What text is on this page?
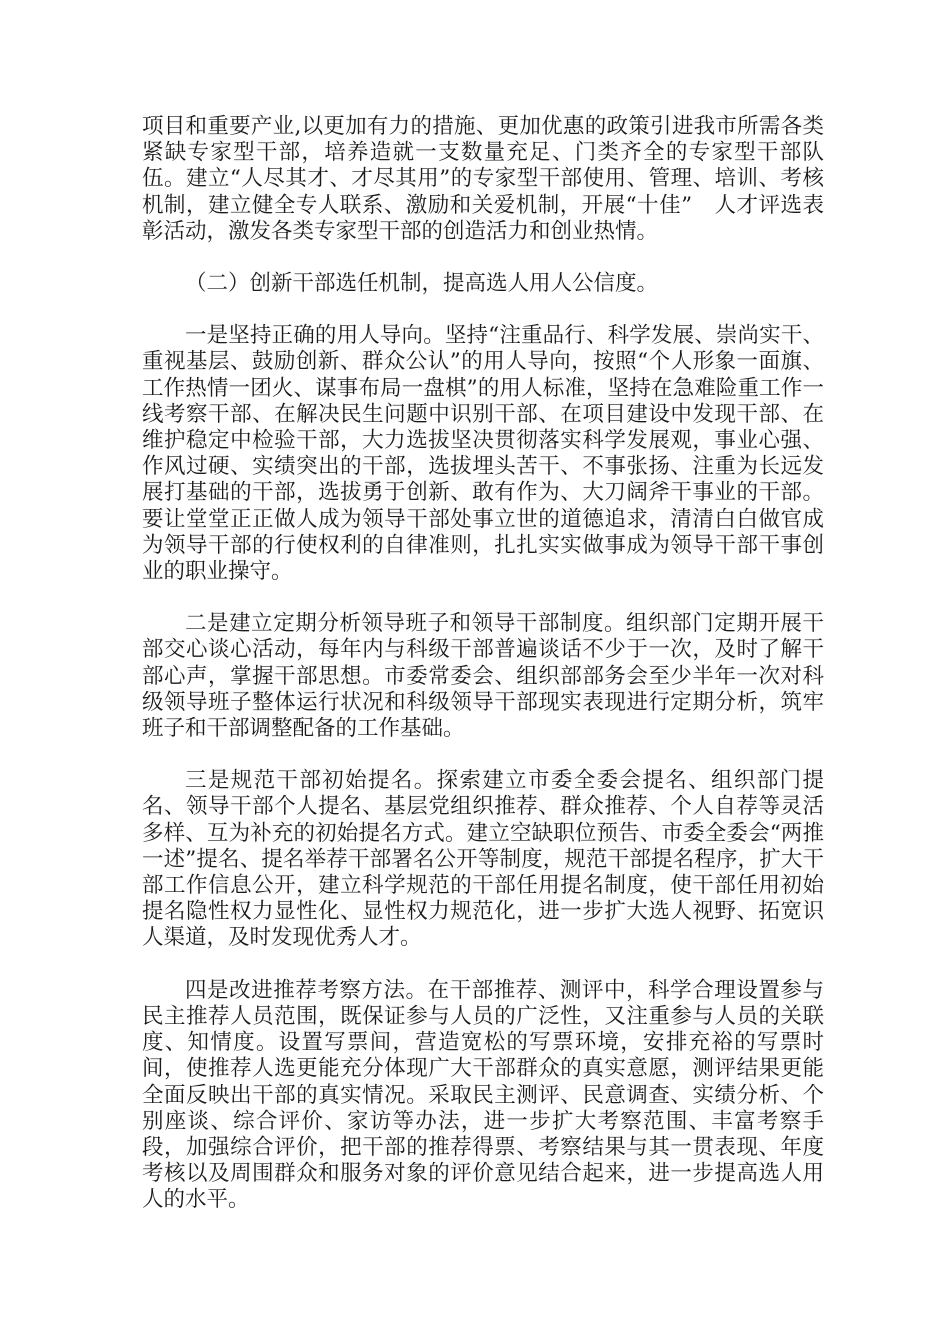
项目和重要产业,以更加有力的措施、更加优惠的政策引进我市所需各类紧缺专家型干部，培养造就一支数量充足、门类齐全的专家型干部队伍。建立“人尽其才、才尽其用”的专家型干部使用、管理、培训、考核机制，建立健全专人联系、激励和关爱机制，开展“十佳”　人才评选表彰活动，激发各类专家型干部的创造活力和创业热情。

（二）创新干部选任机制，提高选人用人公信度。

一是坚持正确的用人导向。坚持“注重品行、科学发展、崇尚实干、重视基层、鼓励创新、群众公认”的用人导向，按照“个人形象一面旗、工作热情一团火、谋事布局一盘棋”的用人标准，坚持在急难险重工作一线考察干部、在解决民生问题中识别干部、在项目建设中发现干部、在维护稳定中检验干部，大力选拔坚决贯彻落实科学发展观，事业心强、作风过硬、实绩突出的干部，选拔埋头苦干、不事张扬、注重为长远发展打基础的干部，选拔勇于创新、敢有作为、大刀阔斧干事业的干部。要让堂堂正正做人成为领导干部处事立世的道德追求，清清白白做官成为领导干部的行使权利的自律准则，扎扎实实做事成为领导干部干事创业的职业操守。

二是建立定期分析领导班子和领导干部制度。组织部门定期开展干部交心谈心活动，每年内与科级干部普遍谈话不少于一次，及时了解干部心声，掌握干部思想。市委常委会、组织部部务会至少半年一次对科级领导班子整体运行状况和科级领导干部现实表现进行定期分析，筑牢班子和干部调整配备的工作基础。

三是规范干部初始提名。探索建立市委全委会提名、组织部门提名、领导干部个人提名、基层党组织推荐、群众推荐、个人自荐等灵活多样、互为补充的初始提名方式。建立空缺职位预告、市委全委会“两推一述”提名、提名举荐干部署名公开等制度，规范干部提名程序，扩大干部工作信息公开，建立科学规范的干部任用提名制度，使干部任用初始提名隐性权力显性化、显性权力规范化，进一步扩大选人视野、拓宽识人渠道，及时发现优秀人才。

四是改进推荐考察方法。在干部推荐、测评中，科学合理设置参与民主推荐人员范围，既保证参与人员的广泛性，又注重参与人员的关联度、知情度。设置写票间，营造宽松的写票环境，安排充裕的写票时间，使推荐人选更能充分体现广大干部群众的真实意愿，测评结果更能全面反映出干部的真实情况。采取民主测评、民意调查、实绩分析、个别座谈、综合评价、家访等办法，进一步扩大考察范围、丰富考察手段，加强综合评价，把干部的推荐得票、考察结果与其一贯表现、年度考核以及周围群众和服务对象的评价意见结合起来，进一步提高选人用人的水平。
